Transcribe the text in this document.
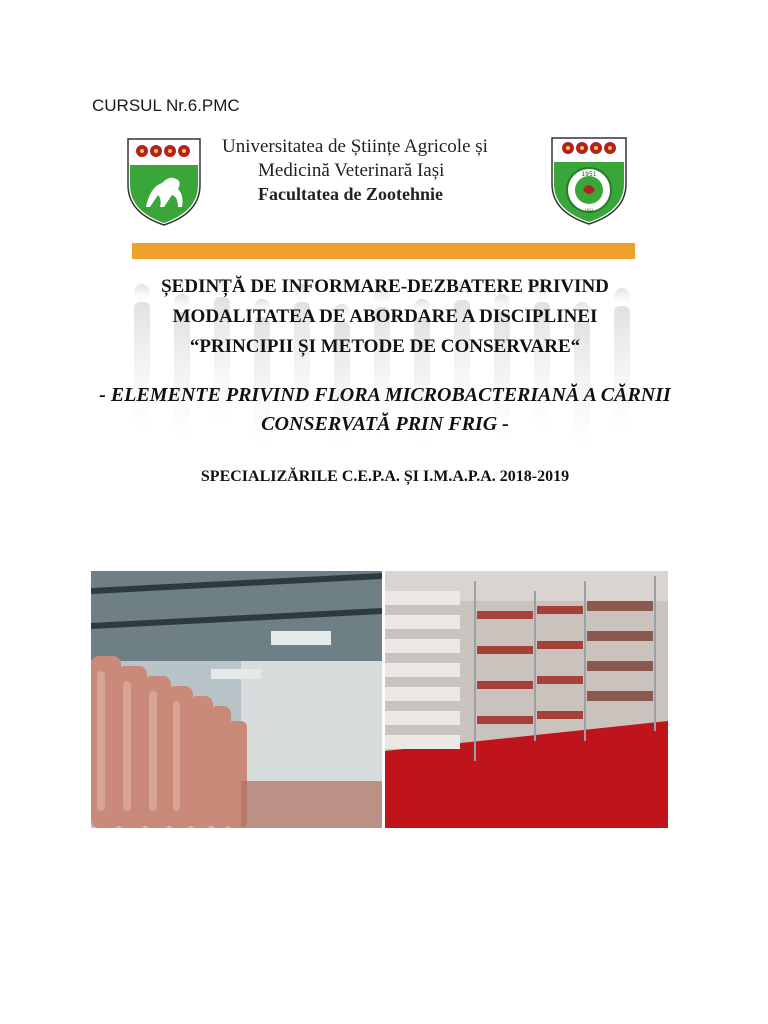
CURSUL Nr.6.PMC
Universitatea de Științe Agricole și
Medicină Veterinară Iași
Facultatea de Zootehnie
1951
IAȘI
ȘEDINȚĂ DE INFORMARE-DEZBATERE PRIVIND
MODALITATEA DE ABORDARE A DISCIPLINEI
“PRINCIPII ȘI METODE DE CONSERVARE“
- ELEMENTE PRIVIND FLORA MICROBACTERIANĂ A CĂRNII
CONSERVATĂ PRIN FRIG -
SPECIALIZĂRILE C.E.P.A. ȘI I.M.A.P.A. 2018-2019
